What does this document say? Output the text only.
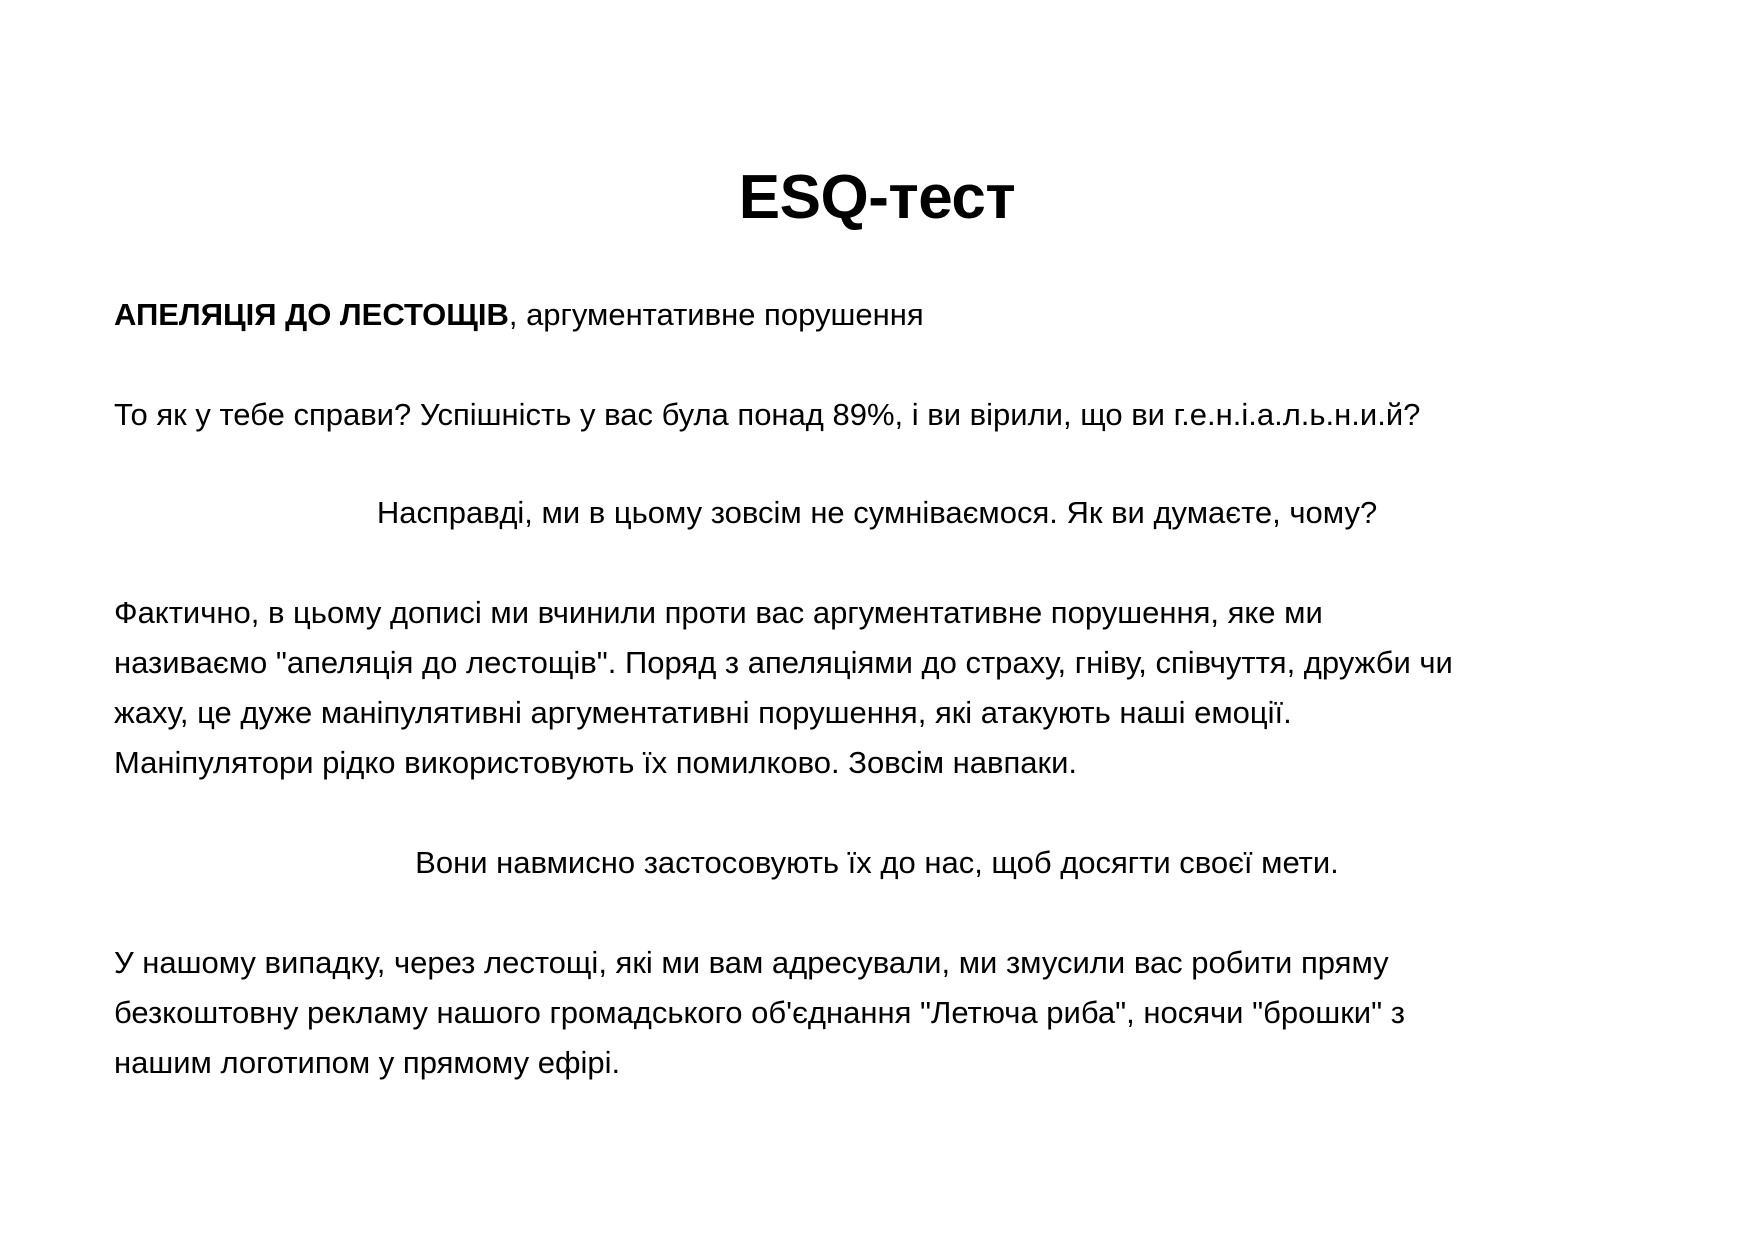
ESQ-тест

АПЕЛЯЦІЯ ДО ЛЕСТОЩІВ, аргументативне порушення

То як у тебе справи? Успішність у вас була понад 89%, і ви вірили, що ви г.е.н.і.а.л.ь.н.и.й?

Насправді, ми в цьому зовсім не сумніваємося. Як ви думаєте, чому?

Фактично, в цьому дописі ми вчинили проти вас аргументативне порушення, яке ми
називаємо "апеляція до лестощів". Поряд з апеляціями до страху, гніву, співчуття, дружби чи
жаху, це дуже маніпулятивні аргументативні порушення, які атакують наші емоції.
Маніпулятори рідко використовують їх помилково. Зовсім навпаки.

Вони навмисно застосовують їх до нас, щоб досягти своєї мети.

У нашому випадку, через лестощі, які ми вам адресували, ми змусили вас робити пряму
безкоштовну рекламу нашого громадського об'єднання "Летюча риба", носячи "брошки" з
нашим логотипом у прямому ефірі.
